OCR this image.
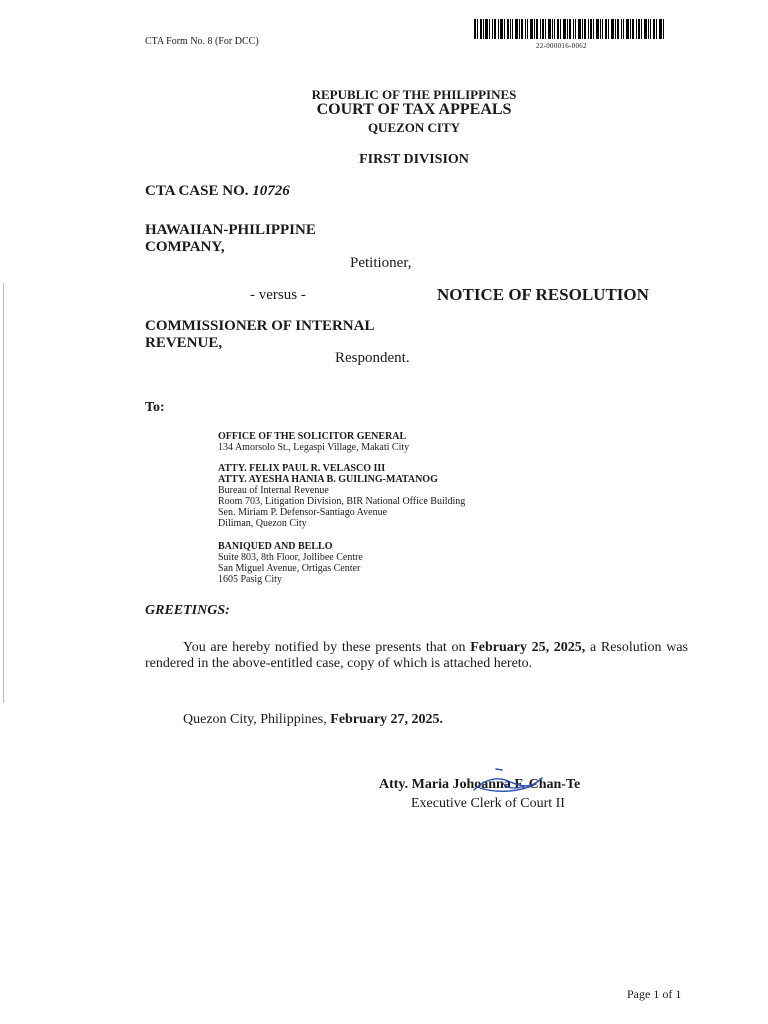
CTA Form No. 8 (For DCC)	22-000016-0062
REPUBLIC OF THE PHILIPPINES
COURT OF TAX APPEALS
QUEZON CITY
FIRST DIVISION
CTA CASE NO. 10726
HAWAIIAN-PHILIPPINE
COMPANY,
Petitioner,
- versus -	NOTICE OF RESOLUTION
COMMISSIONER OF INTERNAL
REVENUE,
Respondent.
To:
OFFICE OF THE SOLICITOR GENERAL
134 Amorsolo St., Legaspi Village, Makati City
ATTY. FELIX PAUL R. VELASCO III
ATTY. AYESHA HANIA B. GUILING-MATANOG
Bureau of Internal Revenue
Room 703, Litigation Division, BIR National Office Building
Sen. Miriam P. Defensor-Santiago Avenue
Diliman, Quezon City
BANIQUED AND BELLO
Suite 803, 8th Floor, Jollibee Centre
San Miguel Avenue, Ortigas Center
1605 Pasig City
GREETINGS:
You are hereby notified by these presents that on February 25, 2025, a Resolution was rendered in the above-entitled case, copy of which is attached hereto.
Quezon City, Philippines, February 27, 2025.
Atty. Maria Johoanna F. Chan-Te
Executive Clerk of Court II
Page 1 of 1
